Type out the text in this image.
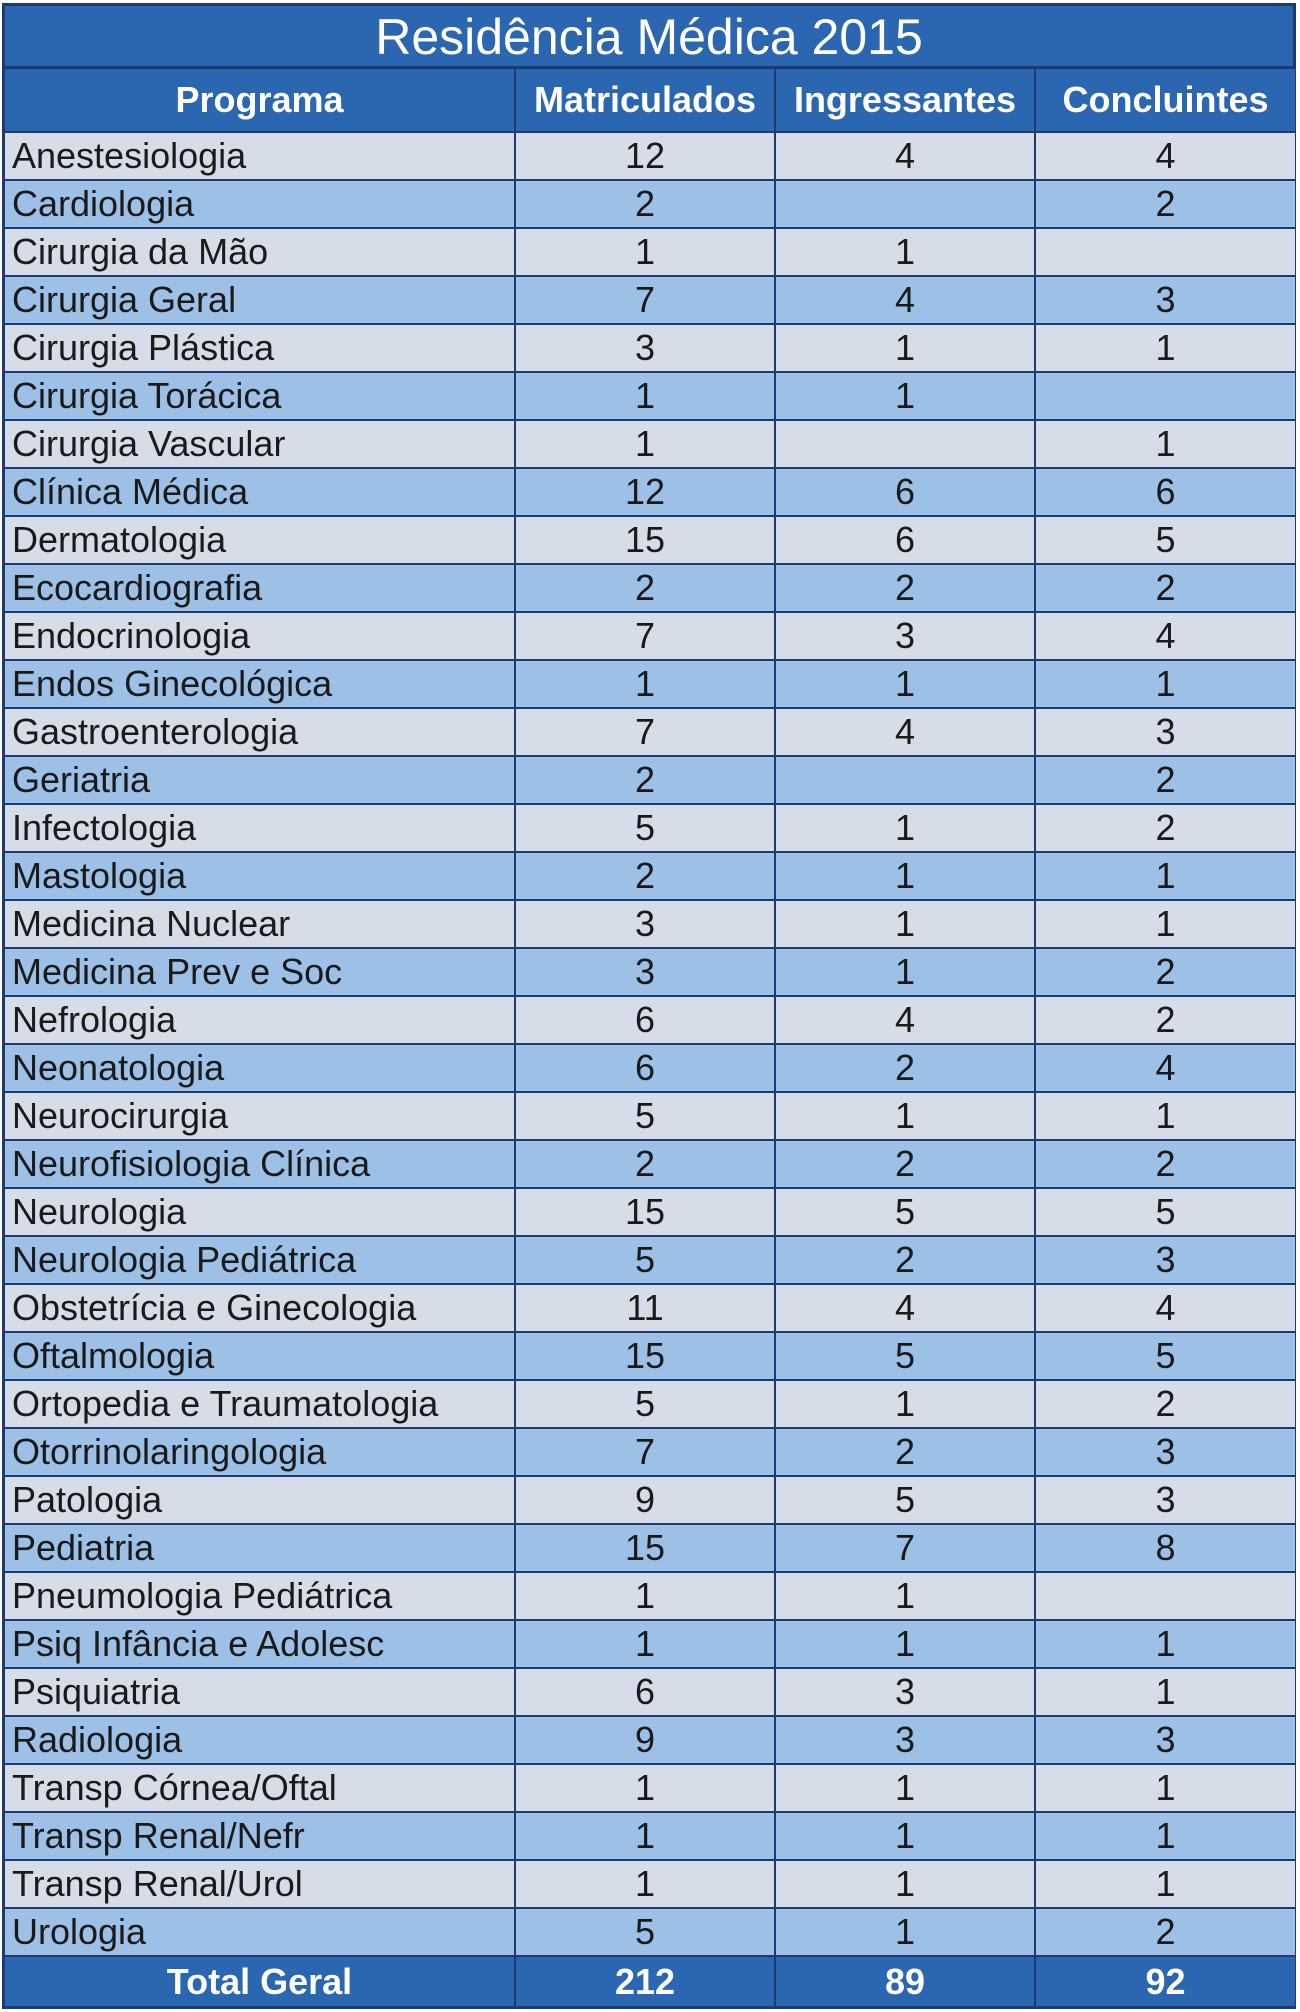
Residência Médica 2015
Programa	Matriculados	Ingressantes	Concluintes
Anestesiologia	12	4	4
Cardiologia	2		2
Cirurgia da Mão	1	1	
Cirurgia Geral	7	4	3
Cirurgia Plástica	3	1	1
Cirurgia Torácica	1	1	
Cirurgia Vascular	1		1
Clínica Médica	12	6	6
Dermatologia	15	6	5
Ecocardiografia	2	2	2
Endocrinologia	7	3	4
Endos Ginecológica	1	1	1
Gastroenterologia	7	4	3
Geriatria	2		2
Infectologia	5	1	2
Mastologia	2	1	1
Medicina Nuclear	3	1	1
Medicina Prev e Soc	3	1	2
Nefrologia	6	4	2
Neonatologia	6	2	4
Neurocirurgia	5	1	1
Neurofisiologia Clínica	2	2	2
Neurologia	15	5	5
Neurologia Pediátrica	5	2	3
Obstetrícia e Ginecologia	11	4	4
Oftalmologia	15	5	5
Ortopedia e Traumatologia	5	1	2
Otorrinolaringologia	7	2	3
Patologia	9	5	3
Pediatria	15	7	8
Pneumologia Pediátrica	1	1	
Psiq Infância e Adolesc	1	1	1
Psiquiatria	6	3	1
Radiologia	9	3	3
Transp Córnea/Oftal	1	1	1
Transp Renal/Nefr	1	1	1
Transp Renal/Urol	1	1	1
Urologia	5	1	2
Total Geral	212	89	92
